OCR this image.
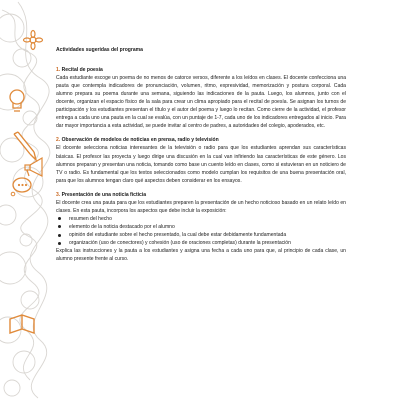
Actividades sugeridas del programa
1. Recital de poesía

Cada estudiante escoge un poema de no menos de catorce versos, diferente a los leídos en clases. El docente confecciona una pauta que contempla indicadores de pronunciación, volumen, ritmo, expresividad, memorización y postura corporal. Cada alumno prepara su poema durante una semana, siguiendo las indicaciones de la pauta. Luego, los alumnos, junto con el docente, organizan el espacio físico de la sala para crear un clima apropiado para el recital de poesía. Se asignan los turnos de participación y los estudiantes presentan el título y el autor del poema y luego lo recitan. Como cierre de la actividad, el profesor entrega a cada uno una pauta en la cual se evalúa, con un puntaje de 1-7, cada uno de los indicadores entregados al inicio. Para dar mayor importancia a esta actividad, se puede invitar al centro de padres, a autoridades del colegio, apoderados, etc.

2. Observación de modelos de noticias en prensa, radio y televisión

El docente selecciona noticias interesantes de la televisión o radio para que los estudiantes aprendan sus características básicas. El profesor las proyecta y luego dirige una discusión en la cual van infiriendo las características de este género. Los alumnos preparan y presentan una noticia, tomando como base un cuento leído en clases, como si estuvieran en un noticiero de TV o radio. Es fundamental que los textos seleccionados como modelo cumplan los requisitos de una buena presentación oral, para que los alumnos tengan claro qué aspectos deben considerar en los ensayos.

3. Presentación de una noticia ficticia

El docente crea una pauta para que los estudiantes preparen la presentación de un hecho noticioso basado en un relato leído en clases. En esta pauta, incorpora los aspectos que debe incluir la exposición:

resumen del hecho
elemento de la noticia destacado por el alumno
opinión del estudiante sobre el hecho presentado, la cual debe estar debidamente fundamentada
organización (uso de conectores) y cohesión (uso de oraciones completas) durante la presentación

Explica las instrucciones y la pauta a los estudiantes y asigna una fecha a cada uno para que, al principio de cada clase, un alumno presente frente al curso.
